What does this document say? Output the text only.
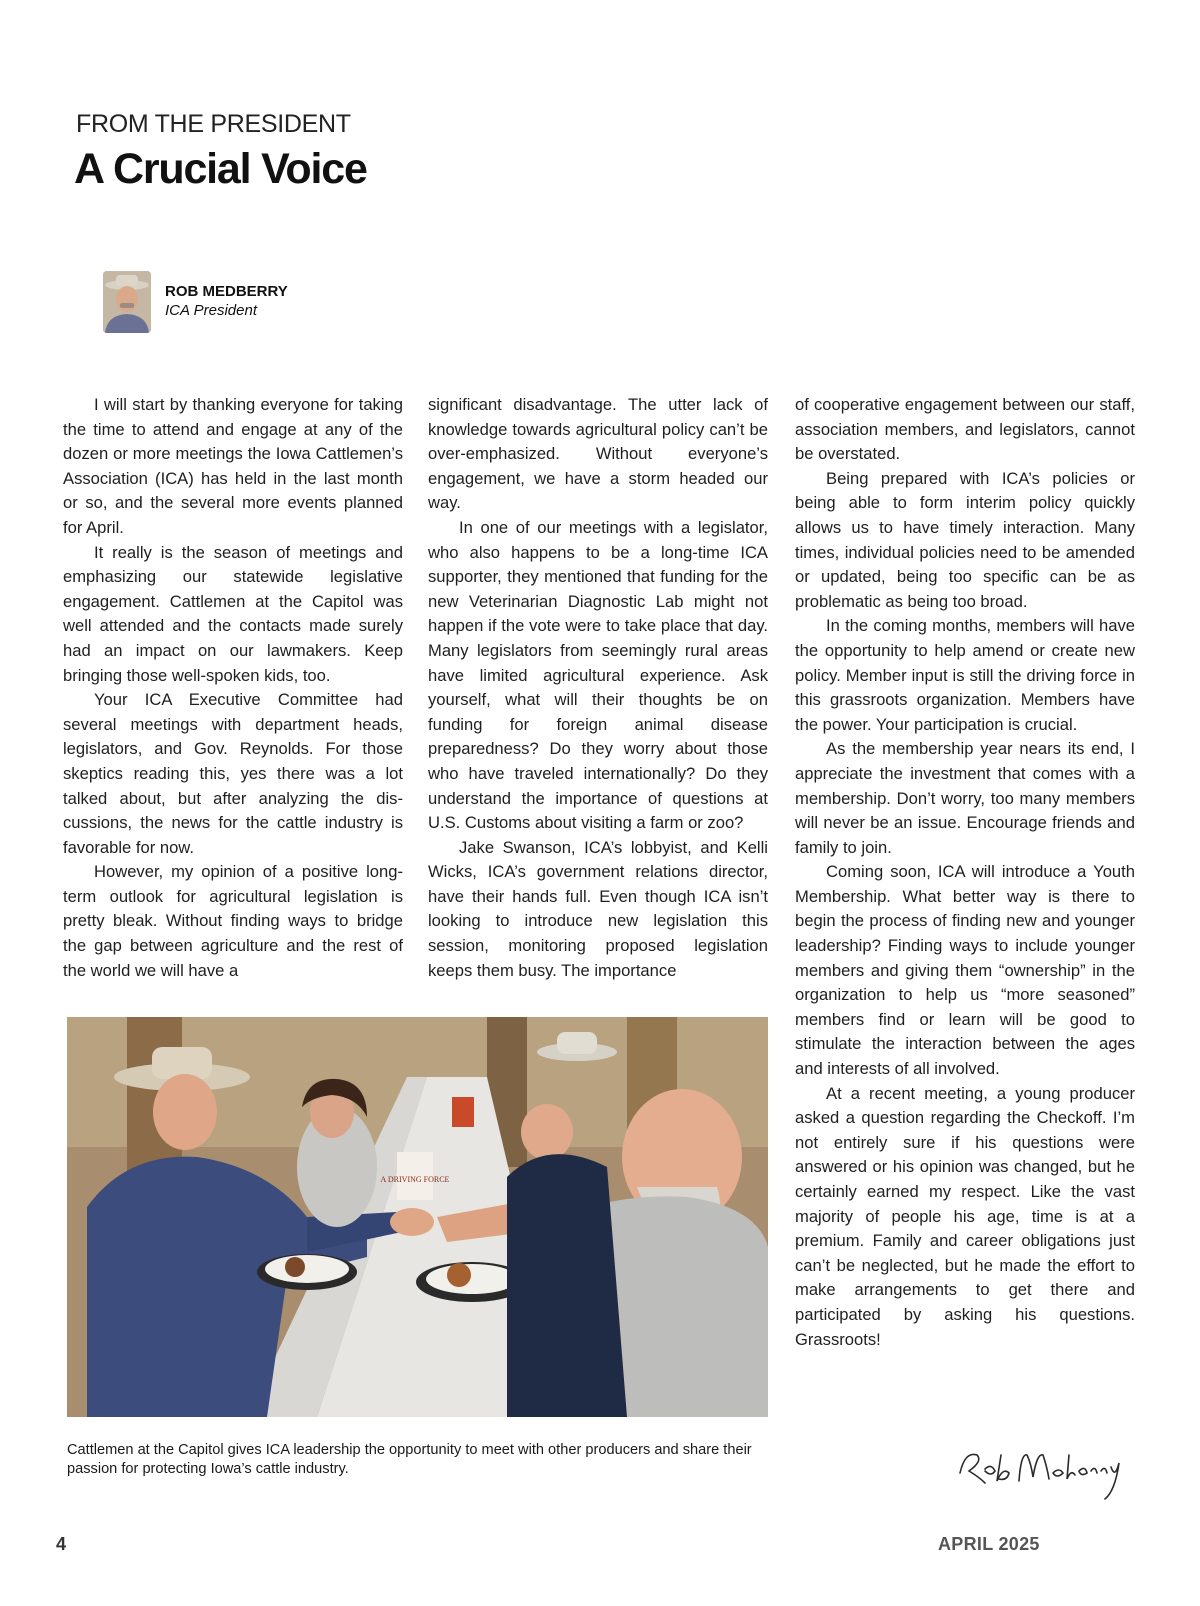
FROM THE PRESIDENT
A Crucial Voice
ROB MEDBERRY
ICA President

I will start by thanking everyone for taking the time to attend and engage at any of the dozen or more meetings the Iowa Cattlemen’s Association (ICA) has held in the last month or so, and the several more events planned for April.

It really is the season of meetings and emphasizing our statewide legislative engagement. Cattlemen at the Capitol was well attended and the contacts made surely had an impact on our lawmakers. Keep bringing those well-spoken kids, too.

Your ICA Executive Committee had several meetings with department heads, legislators, and Gov. Reynolds. For those skeptics reading this, yes there was a lot talked about, but after analyzing the discussions, the news for the cattle industry is favorable for now.

However, my opinion of a positive long-term outlook for agricultural legislation is pretty bleak. Without finding ways to bridge the gap between agriculture and the rest of the world we will have a

significant disadvantage. The utter lack of knowledge towards agricultural policy can’t be over-emphasized. Without everyone’s engagement, we have a storm headed our way.

In one of our meetings with a legislator, who also happens to be a long-time ICA supporter, they mentioned that funding for the new Veterinarian Diagnostic Lab might not happen if the vote were to take place that day. Many legislators from seemingly rural areas have limited agricultural experience. Ask yourself, what will their thoughts be on funding for foreign animal disease preparedness? Do they worry about those who have traveled internationally? Do they understand the importance of questions at U.S. Customs about visiting a farm or zoo?

Jake Swanson, ICA’s lobbyist, and Kelli Wicks, ICA’s government relations director, have their hands full. Even though ICA isn’t looking to introduce new legislation this session, monitoring proposed legislation keeps them busy. The importance

of cooperative engagement between our staff, association members, and legislators, cannot be overstated.

Being prepared with ICA’s policies or being able to form interim policy quickly allows us to have timely interaction. Many times, individual policies need to be amended or updated, being too specific can be as problematic as being too broad.

In the coming months, members will have the opportunity to help amend or create new policy. Member input is still the driving force in this grassroots organization. Members have the power. Your participation is crucial.

As the membership year nears its end, I appreciate the investment that comes with a membership. Don’t worry, too many members will never be an issue. Encourage friends and family to join.

Coming soon, ICA will introduce a Youth Membership. What better way is there to begin the process of finding new and younger leadership? Finding ways to include younger members and giving them “ownership” in the organization to help us “more seasoned” members find or learn will be good to stimulate the interaction between the ages and interests of all involved.

At a recent meeting, a young producer asked a question regarding the Checkoff. I’m not entirely sure if his questions were answered or his opinion was changed, but he certainly earned my respect. Like the vast majority of people his age, time is at a premium. Family and career obligations just can’t be neglected, but he made the effort to make arrangements to get there and participated by asking his questions. Grassroots!

A DRIVING FORCE
Cattlemen at the Capitol gives ICA leadership the opportunity to meet with other producers and share their passion for protecting Iowa’s cattle industry.
4	APRIL 2025
